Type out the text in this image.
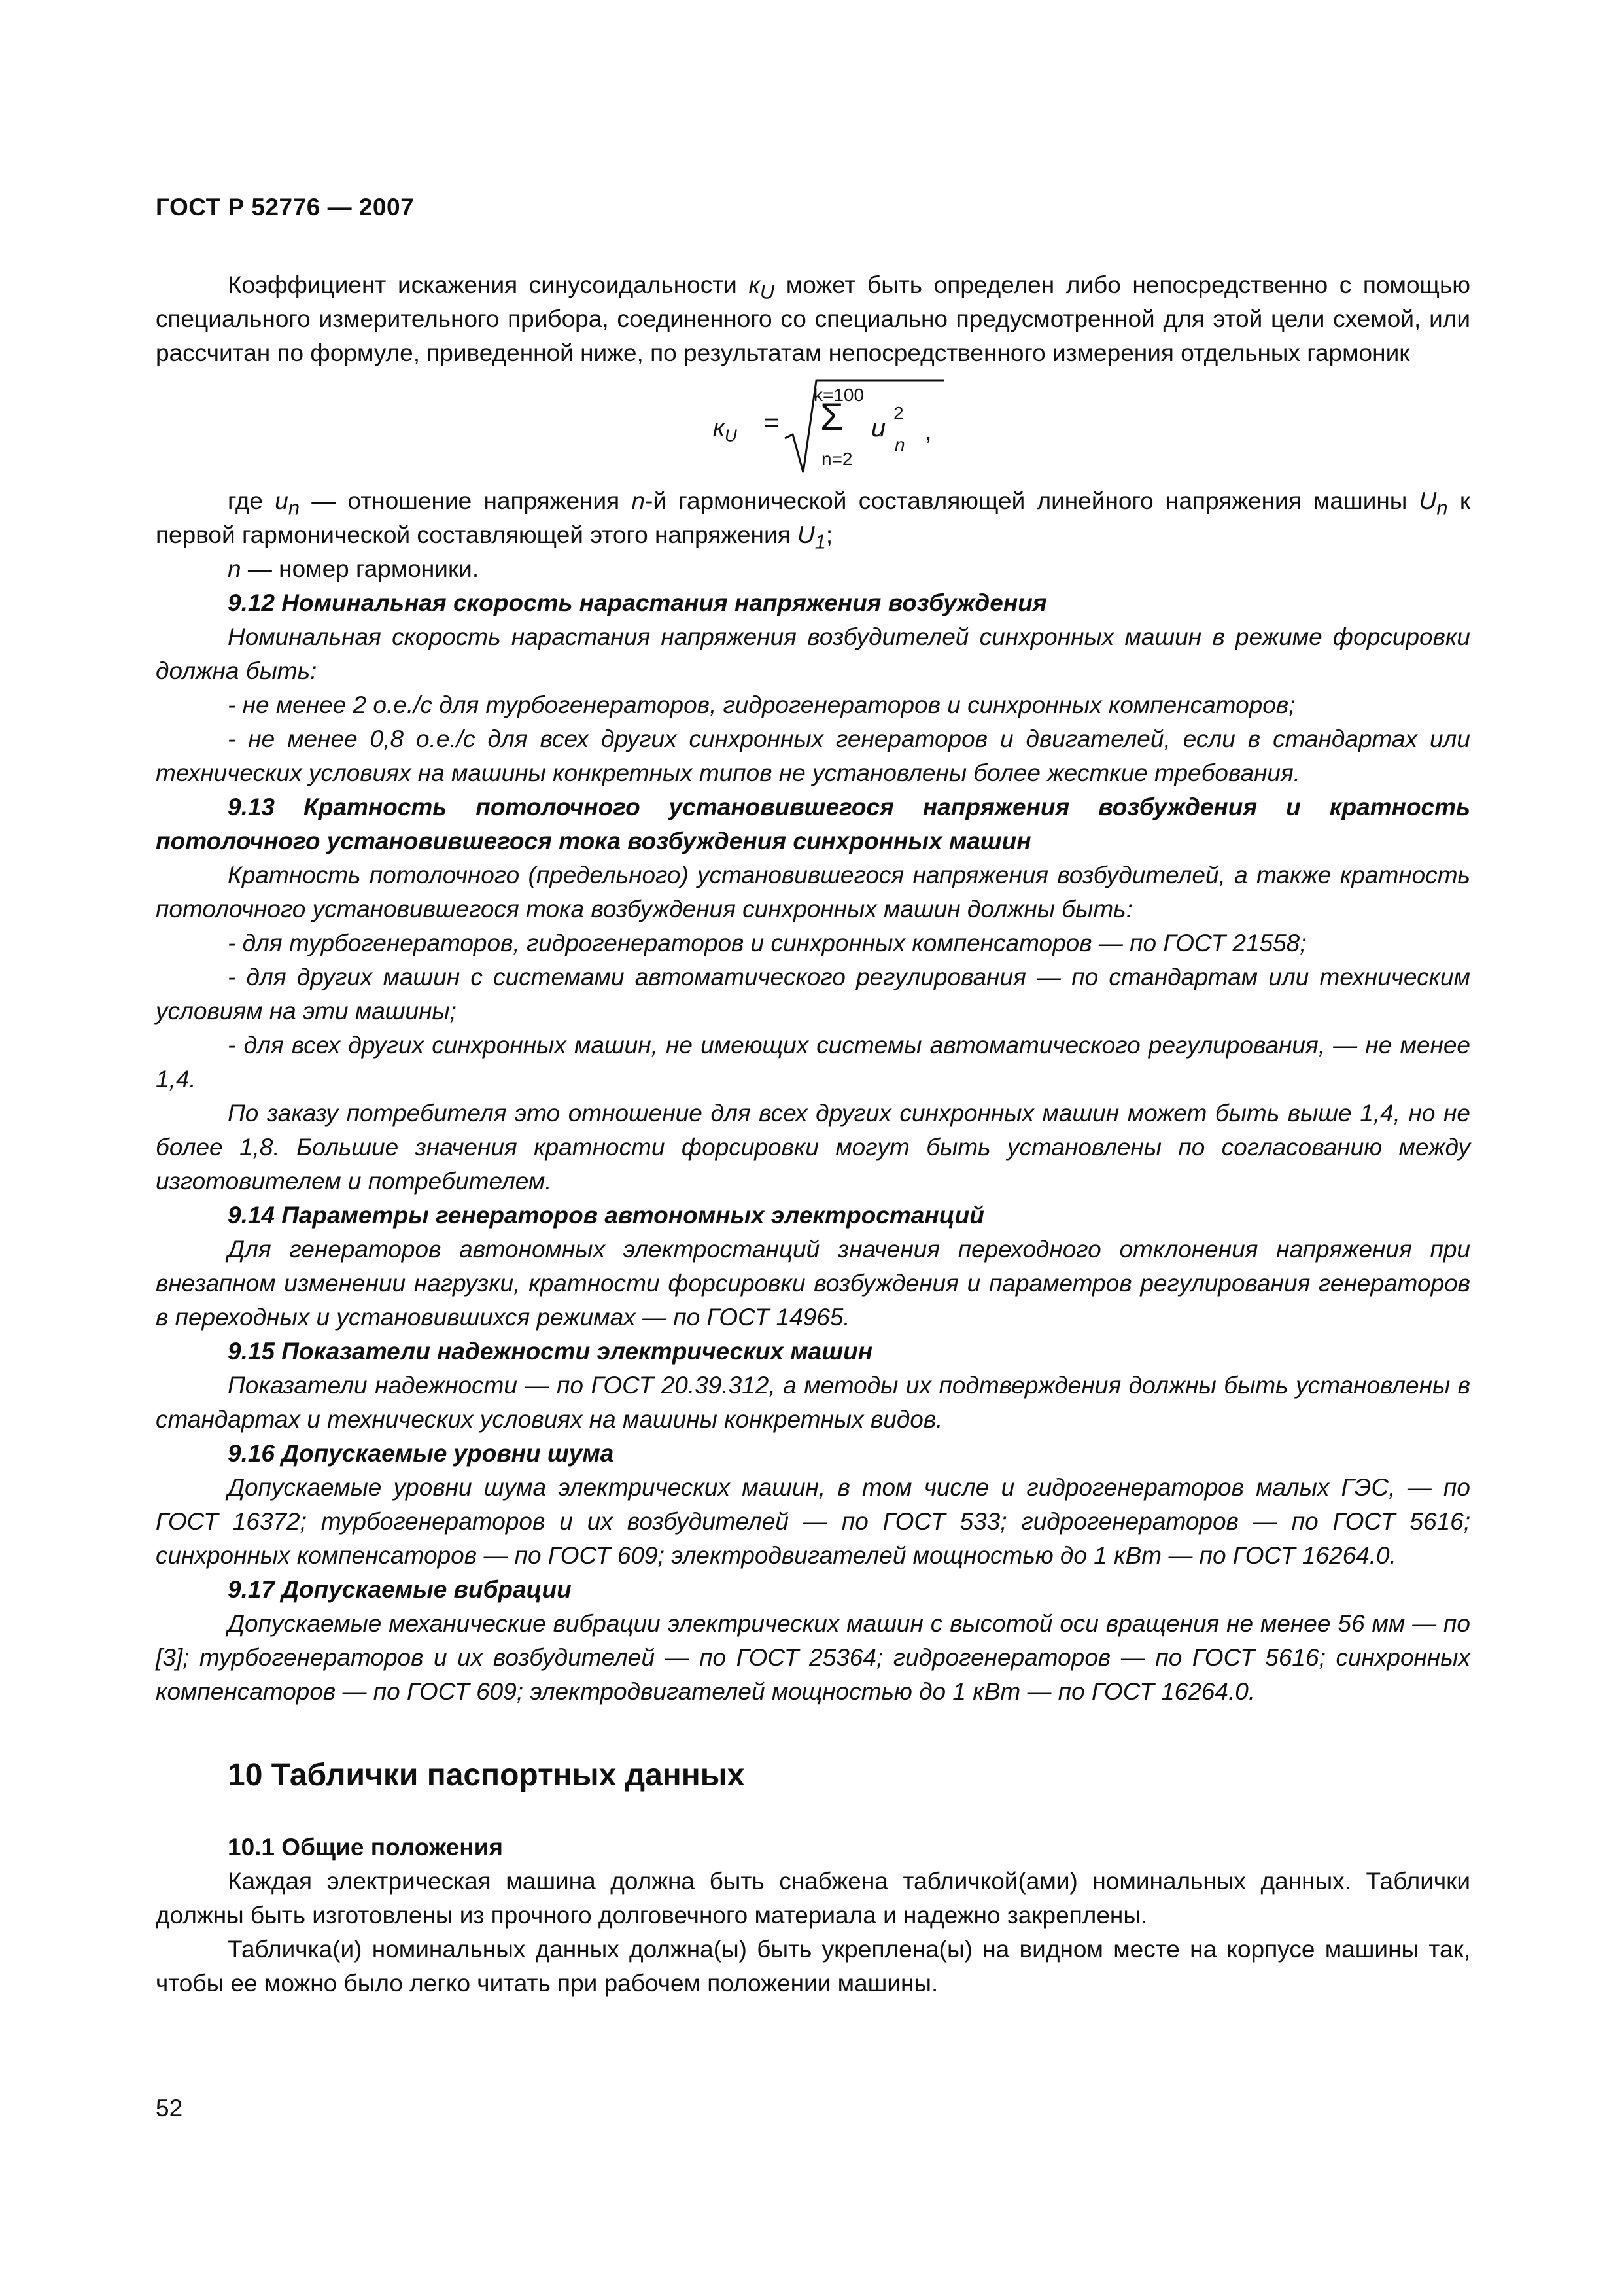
ГОСТ Р 52776 — 2007

Коэффициент искажения синусоидальности $к_U$ может быть определен либо непосредственно с помощью специального измерительного прибора, соединенного со специально предусмотренной для этой цели схемой, или рассчитан по формуле, приведенной ниже, по результатам непосредственного измерения отдельных гармоник

$к_U$ =
k=100
Σ
n=2
u
2
n ,

где $u_n$ — отношение напряжения n-й гармонической составляющей линейного напряжения машины $U_n$ к первой гармонической составляющей этого напряжения $U_1$;

n — номер гармоники.

9.12 Номинальная скорость нарастания напряжения возбуждения

Номинальная скорость нарастания напряжения возбудителей синхронных машин в режиме форсировки должна быть:

- не менее 2 о.е./с для турбогенераторов, гидрогенераторов и синхронных компенсаторов;

- не менее 0,8 о.е./с для всех других синхронных генераторов и двигателей, если в стандартах или технических условиях на машины конкретных типов не установлены более жесткие требования.

9.13 Кратность потолочного установившегося напряжения возбуждения и кратность потолочного установившегося тока возбуждения синхронных машин

Кратность потолочного (предельного) установившегося напряжения возбудителей, а также кратность потолочного установившегося тока возбуждения синхронных машин должны быть:

- для турбогенераторов, гидрогенераторов и синхронных компенсаторов — по ГОСТ 21558;

- для других машин с системами автоматического регулирования — по стандартам или техническим условиям на эти машины;

- для всех других синхронных машин, не имеющих системы автоматического регулирования, — не менее 1,4.

По заказу потребителя это отношение для всех других синхронных машин может быть выше 1,4, но не более 1,8. Большие значения кратности форсировки могут быть установлены по согласованию между изготовителем и потребителем.

9.14 Параметры генераторов автономных электростанций

Для генераторов автономных электростанций значения переходного отклонения напряжения при внезапном изменении нагрузки, кратности форсировки возбуждения и параметров регулирования генераторов в переходных и установившихся режимах — по ГОСТ 14965.

9.15 Показатели надежности электрических машин

Показатели надежности — по ГОСТ 20.39.312, а методы их подтверждения должны быть установлены в стандартах и технических условиях на машины конкретных видов.

9.16 Допускаемые уровни шума

Допускаемые уровни шума электрических машин, в том числе и гидрогенераторов малых ГЭС, — по ГОСТ 16372; турбогенераторов и их возбудителей — по ГОСТ 533; гидрогенераторов — по ГОСТ 5616; синхронных компенсаторов — по ГОСТ 609; электродвигателей мощностью до 1 кВт — по ГОСТ 16264.0.

9.17 Допускаемые вибрации

Допускаемые механические вибрации электрических машин с высотой оси вращения не менее 56 мм — по [3]; турбогенераторов и их возбудителей — по ГОСТ 25364; гидрогенераторов — по ГОСТ 5616; синхронных компенсаторов — по ГОСТ 609; электродвигателей мощностью до 1 кВт — по ГОСТ 16264.0.

10 Таблички паспортных данных

10.1 Общие положения

Каждая электрическая машина должна быть снабжена табличкой(ами) номинальных данных. Таблички должны быть изготовлены из прочного долговечного материала и надежно закреплены.

Табличка(и) номинальных данных должна(ы) быть укреплена(ы) на видном месте на корпусе машины так, чтобы ее можно было легко читать при рабочем положении машины.

52
